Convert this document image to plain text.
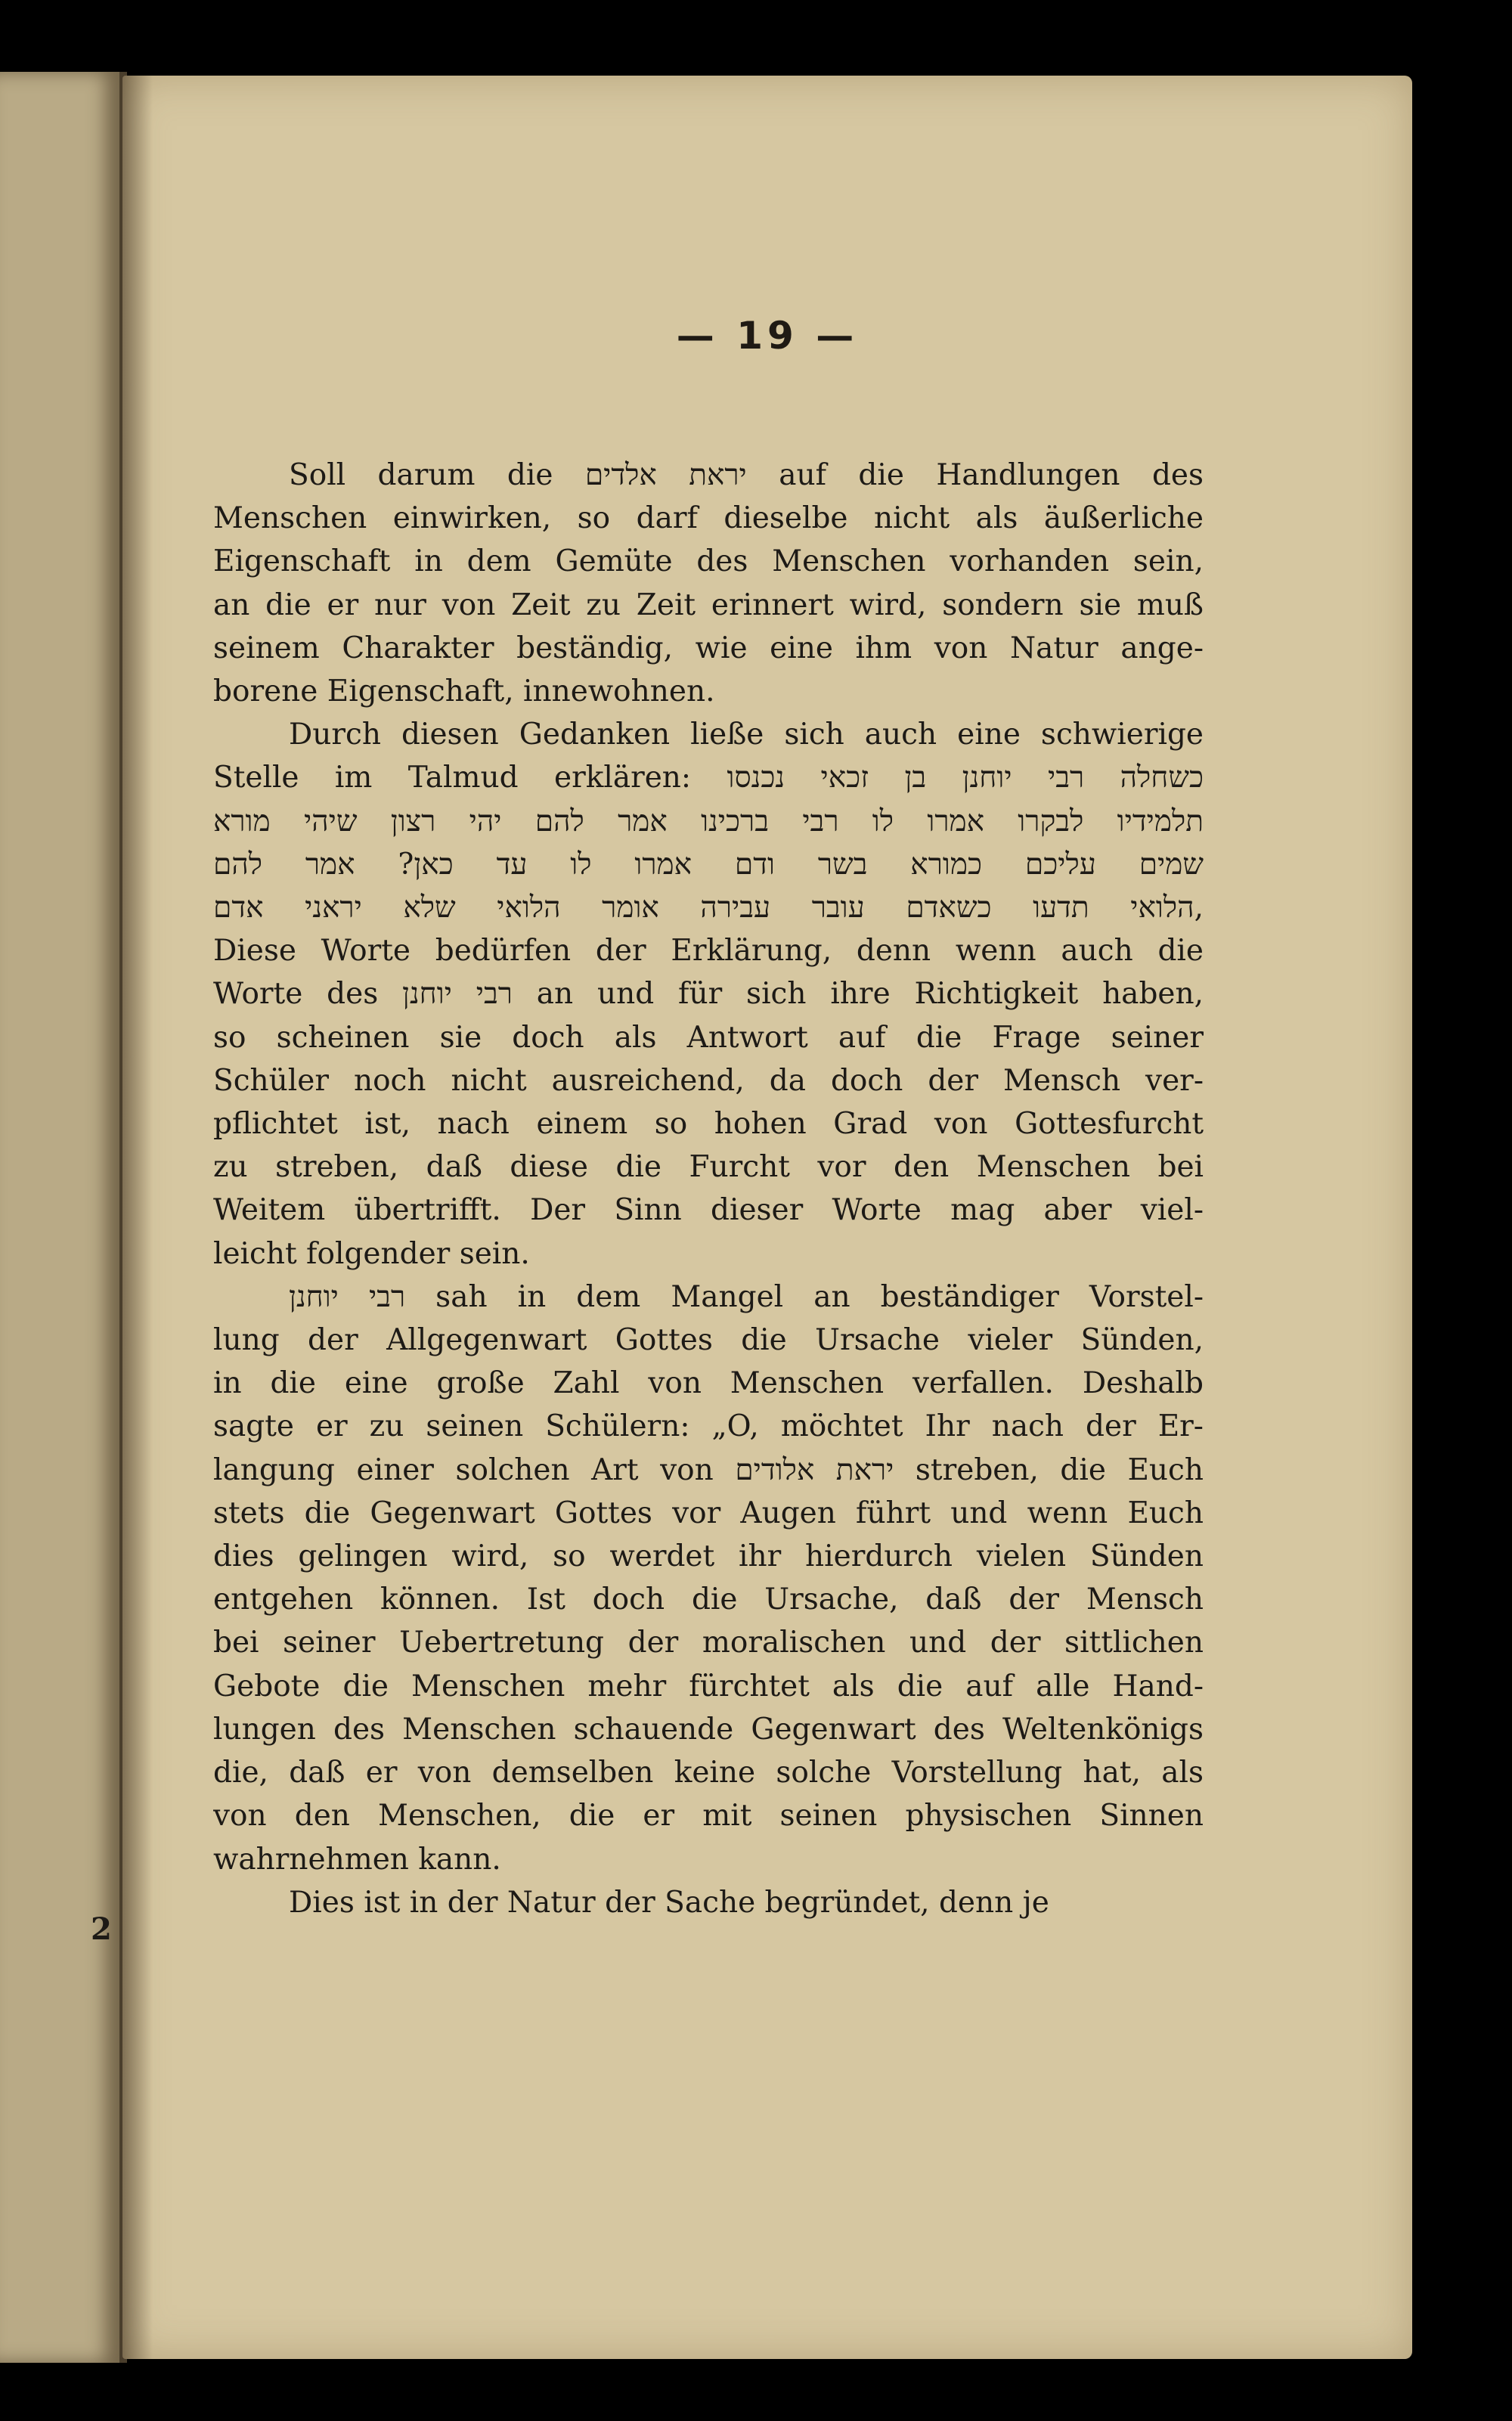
— 19 —

Soll darum die יראת אלדים auf die Handlungen des
Menschen einwirken, so darf dieselbe nicht als äußerliche
Eigenschaft in dem Gemüte des Menschen vorhanden sein,
an die er nur von Zeit zu Zeit erinnert wird, sondern sie muß
seinem Charakter beständig, wie eine ihm von Natur ange-
borene Eigenschaft, innewohnen.

Durch diesen Gedanken ließe sich auch eine schwierige
Stelle im Talmud erklären: כשחלה רבי יוחנן בן זכאי נכנסו
תלמידיו לבקרו אמרו לו רבי ברכינו אמר להם יהי רצון שיהי מורא
שמים עליכם כמורא בשר ודם אמרו לו עד כאן? אמר להם
הלואי תדעו כשאדם עובר עבירה אומר הלואי שלא יראני אדם,
Diese Worte bedürfen der Erklärung, denn wenn auch die
Worte des רבי יוחנן an und für sich ihre Richtigkeit haben,
so scheinen sie doch als Antwort auf die Frage seiner
Schüler noch nicht ausreichend, da doch der Mensch ver-
pflichtet ist, nach einem so hohen Grad von Gottesfurcht
zu streben, daß diese die Furcht vor den Menschen bei
Weitem übertrifft. Der Sinn dieser Worte mag aber viel-
leicht folgender sein.

רבי יוחנן sah in dem Mangel an beständiger Vorstel-
lung der Allgegenwart Gottes die Ursache vieler Sünden,
in die eine große Zahl von Menschen verfallen. Deshalb
sagte er zu seinen Schülern: „O, möchtet Ihr nach der Er-
langung einer solchen Art von יראת אלודים streben, die Euch
stets die Gegenwart Gottes vor Augen führt und wenn Euch
dies gelingen wird, so werdet ihr hierdurch vielen Sünden
entgehen können. Ist doch die Ursache, daß der Mensch
bei seiner Uebertretung der moralischen und der sittlichen
Gebote die Menschen mehr fürchtet als die auf alle Hand-
lungen des Menschen schauende Gegenwart des Weltenkönigs
die, daß er von demselben keine solche Vorstellung hat, als
von den Menschen, die er mit seinen physischen Sinnen
wahrnehmen kann.

Dies ist in der Natur der Sache begründet, denn je

2
